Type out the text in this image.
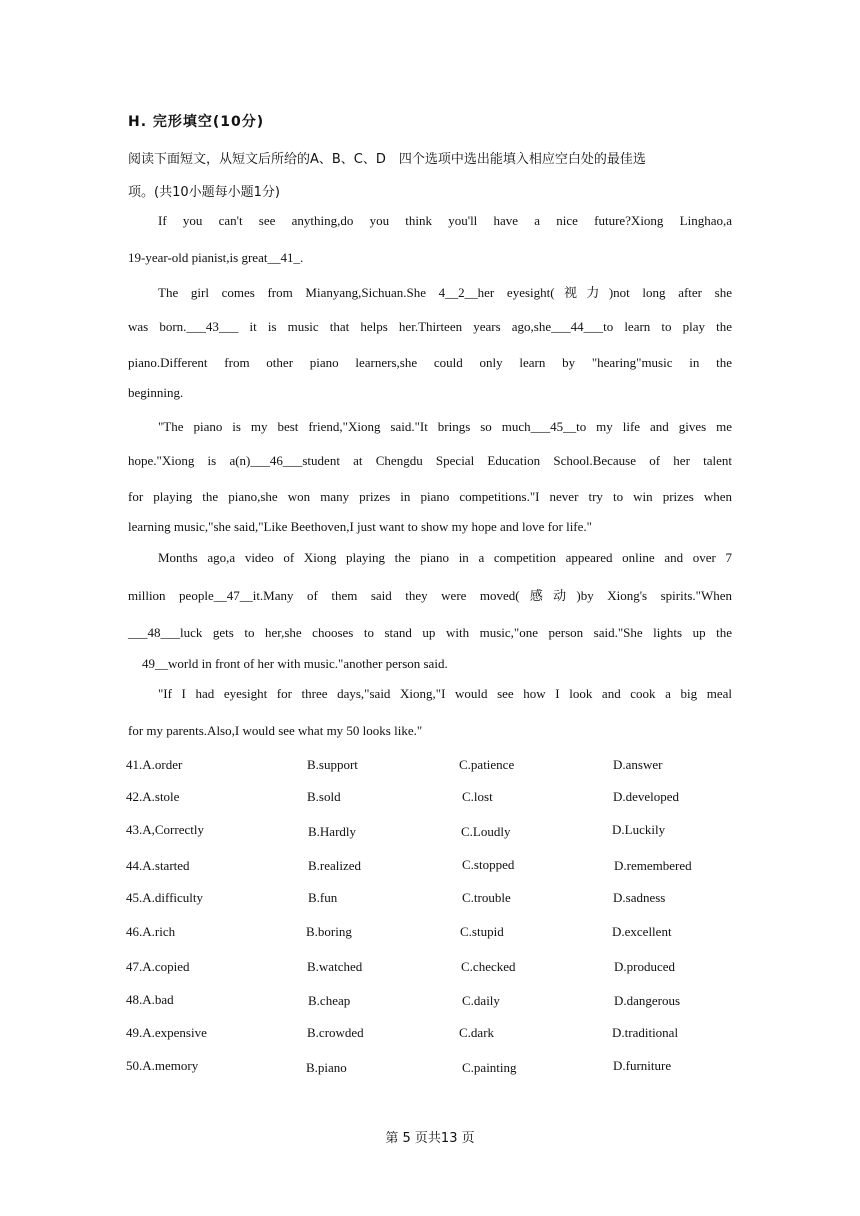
H. 完形填空(10分)
阅读下面短文，从短文后所给的A、B、C、D　四个选项中选出能填入相应空白处的最佳选
项。(共10小题每小题1分)
If you can't see anything,do you think you'll have a nice future?Xiong Linghao,a
19-year-old pianist,is great__41_.
The girl comes from Mianyang,Sichuan.She 4__2__her eyesight(视力)not long after she
was born.___43___ it is music that helps her.Thirteen years ago,she___44___to learn to play the
piano.Different from other piano learners,she could only learn by "hearing"music in the
beginning.
"The piano is my best friend,"Xiong said."It brings so much___45__to my life and gives me
hope."Xiong is a(n)___46___student at Chengdu Special Education School.Because of her talent
for playing the piano,she won many prizes in piano competitions."I never try to win prizes when
learning music,"she said,"Like Beethoven,I just want to show my hope and love for life."
Months ago,a video of Xiong playing the piano in a competition appeared online and over 7
million people__47__it.Many of them said they were moved(感动)by Xiong's spirits."When
___48___luck gets to her,she chooses to stand up with music,"one person said."She lights up the
49__world in front of her with music."another person said.
"If I had eyesight for three days,"said Xiong,"I would see how I look and cook a big meal
for my parents.Also,I would see what my 50 looks like."
41.A.order	B.support	C.patience	D.answer
42.A.stole	B.sold	C.lost	D.developed
43.A,Correctly	B.Hardly	C.Loudly	D.Luckily
44.A.started	B.realized	C.stopped	D.remembered
45.A.difficulty	B.fun	C.trouble	D.sadness
46.A.rich	B.boring	C.stupid	D.excellent
47.A.copied	B.watched	C.checked	D.produced
48.A.bad	B.cheap	C.daily	D.dangerous
49.A.expensive	B.crowded	C.dark	D.traditional
50.A.memory	B.piano	C.painting	D.furniture
第 5 页共13 页
